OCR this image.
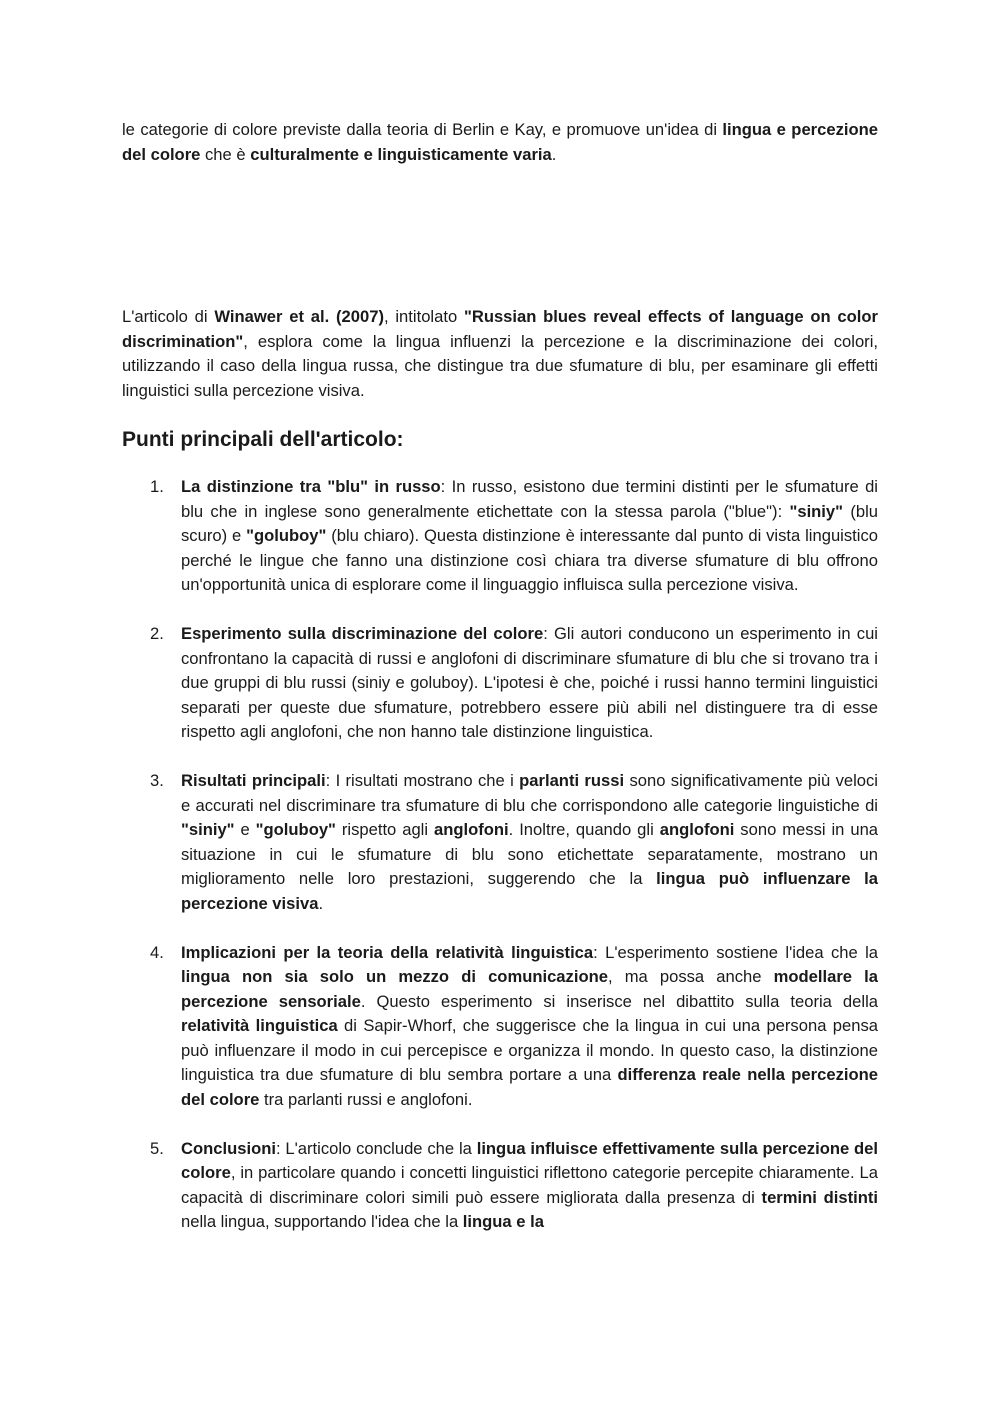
le categorie di colore previste dalla teoria di Berlin e Kay, e promuove un'idea di lingua e percezione del colore che è culturalmente e linguisticamente varia.

L'articolo di Winawer et al. (2007), intitolato "Russian blues reveal effects of language on color discrimination", esplora come la lingua influenzi la percezione e la discriminazione dei colori, utilizzando il caso della lingua russa, che distingue tra due sfumature di blu, per esaminare gli effetti linguistici sulla percezione visiva.

Punti principali dell'articolo:
1. La distinzione tra "blu" in russo: In russo, esistono due termini distinti per le sfumature di blu che in inglese sono generalmente etichettate con la stessa parola ("blue"): "siniy" (blu scuro) e "goluboy" (blu chiaro). Questa distinzione è interessante dal punto di vista linguistico perché le lingue che fanno una distinzione così chiara tra diverse sfumature di blu offrono un'opportunità unica di esplorare come il linguaggio influisca sulla percezione visiva.

2. Esperimento sulla discriminazione del colore: Gli autori conducono un esperimento in cui confrontano la capacità di russi e anglofoni di discriminare sfumature di blu che si trovano tra i due gruppi di blu russi (siniy e goluboy). L'ipotesi è che, poiché i russi hanno termini linguistici separati per queste due sfumature, potrebbero essere più abili nel distinguere tra di esse rispetto agli anglofoni, che non hanno tale distinzione linguistica.

3. Risultati principali: I risultati mostrano che i parlanti russi sono significativamente più veloci e accurati nel discriminare tra sfumature di blu che corrispondono alle categorie linguistiche di "siniy" e "goluboy" rispetto agli anglofoni. Inoltre, quando gli anglofoni sono messi in una situazione in cui le sfumature di blu sono etichettate separatamente, mostrano un miglioramento nelle loro prestazioni, suggerendo che la lingua può influenzare la percezione visiva.

4. Implicazioni per la teoria della relatività linguistica: L'esperimento sostiene l'idea che la lingua non sia solo un mezzo di comunicazione, ma possa anche modellare la percezione sensoriale. Questo esperimento si inserisce nel dibattito sulla teoria della relatività linguistica di Sapir-Whorf, che suggerisce che la lingua in cui una persona pensa può influenzare il modo in cui percepisce e organizza il mondo. In questo caso, la distinzione linguistica tra due sfumature di blu sembra portare a una differenza reale nella percezione del colore tra parlanti russi e anglofoni.

5. Conclusioni: L'articolo conclude che la lingua influisce effettivamente sulla percezione del colore, in particolare quando i concetti linguistici riflettono categorie percepite chiaramente. La capacità di discriminare colori simili può essere migliorata dalla presenza di termini distinti nella lingua, supportando l'idea che la lingua e la
